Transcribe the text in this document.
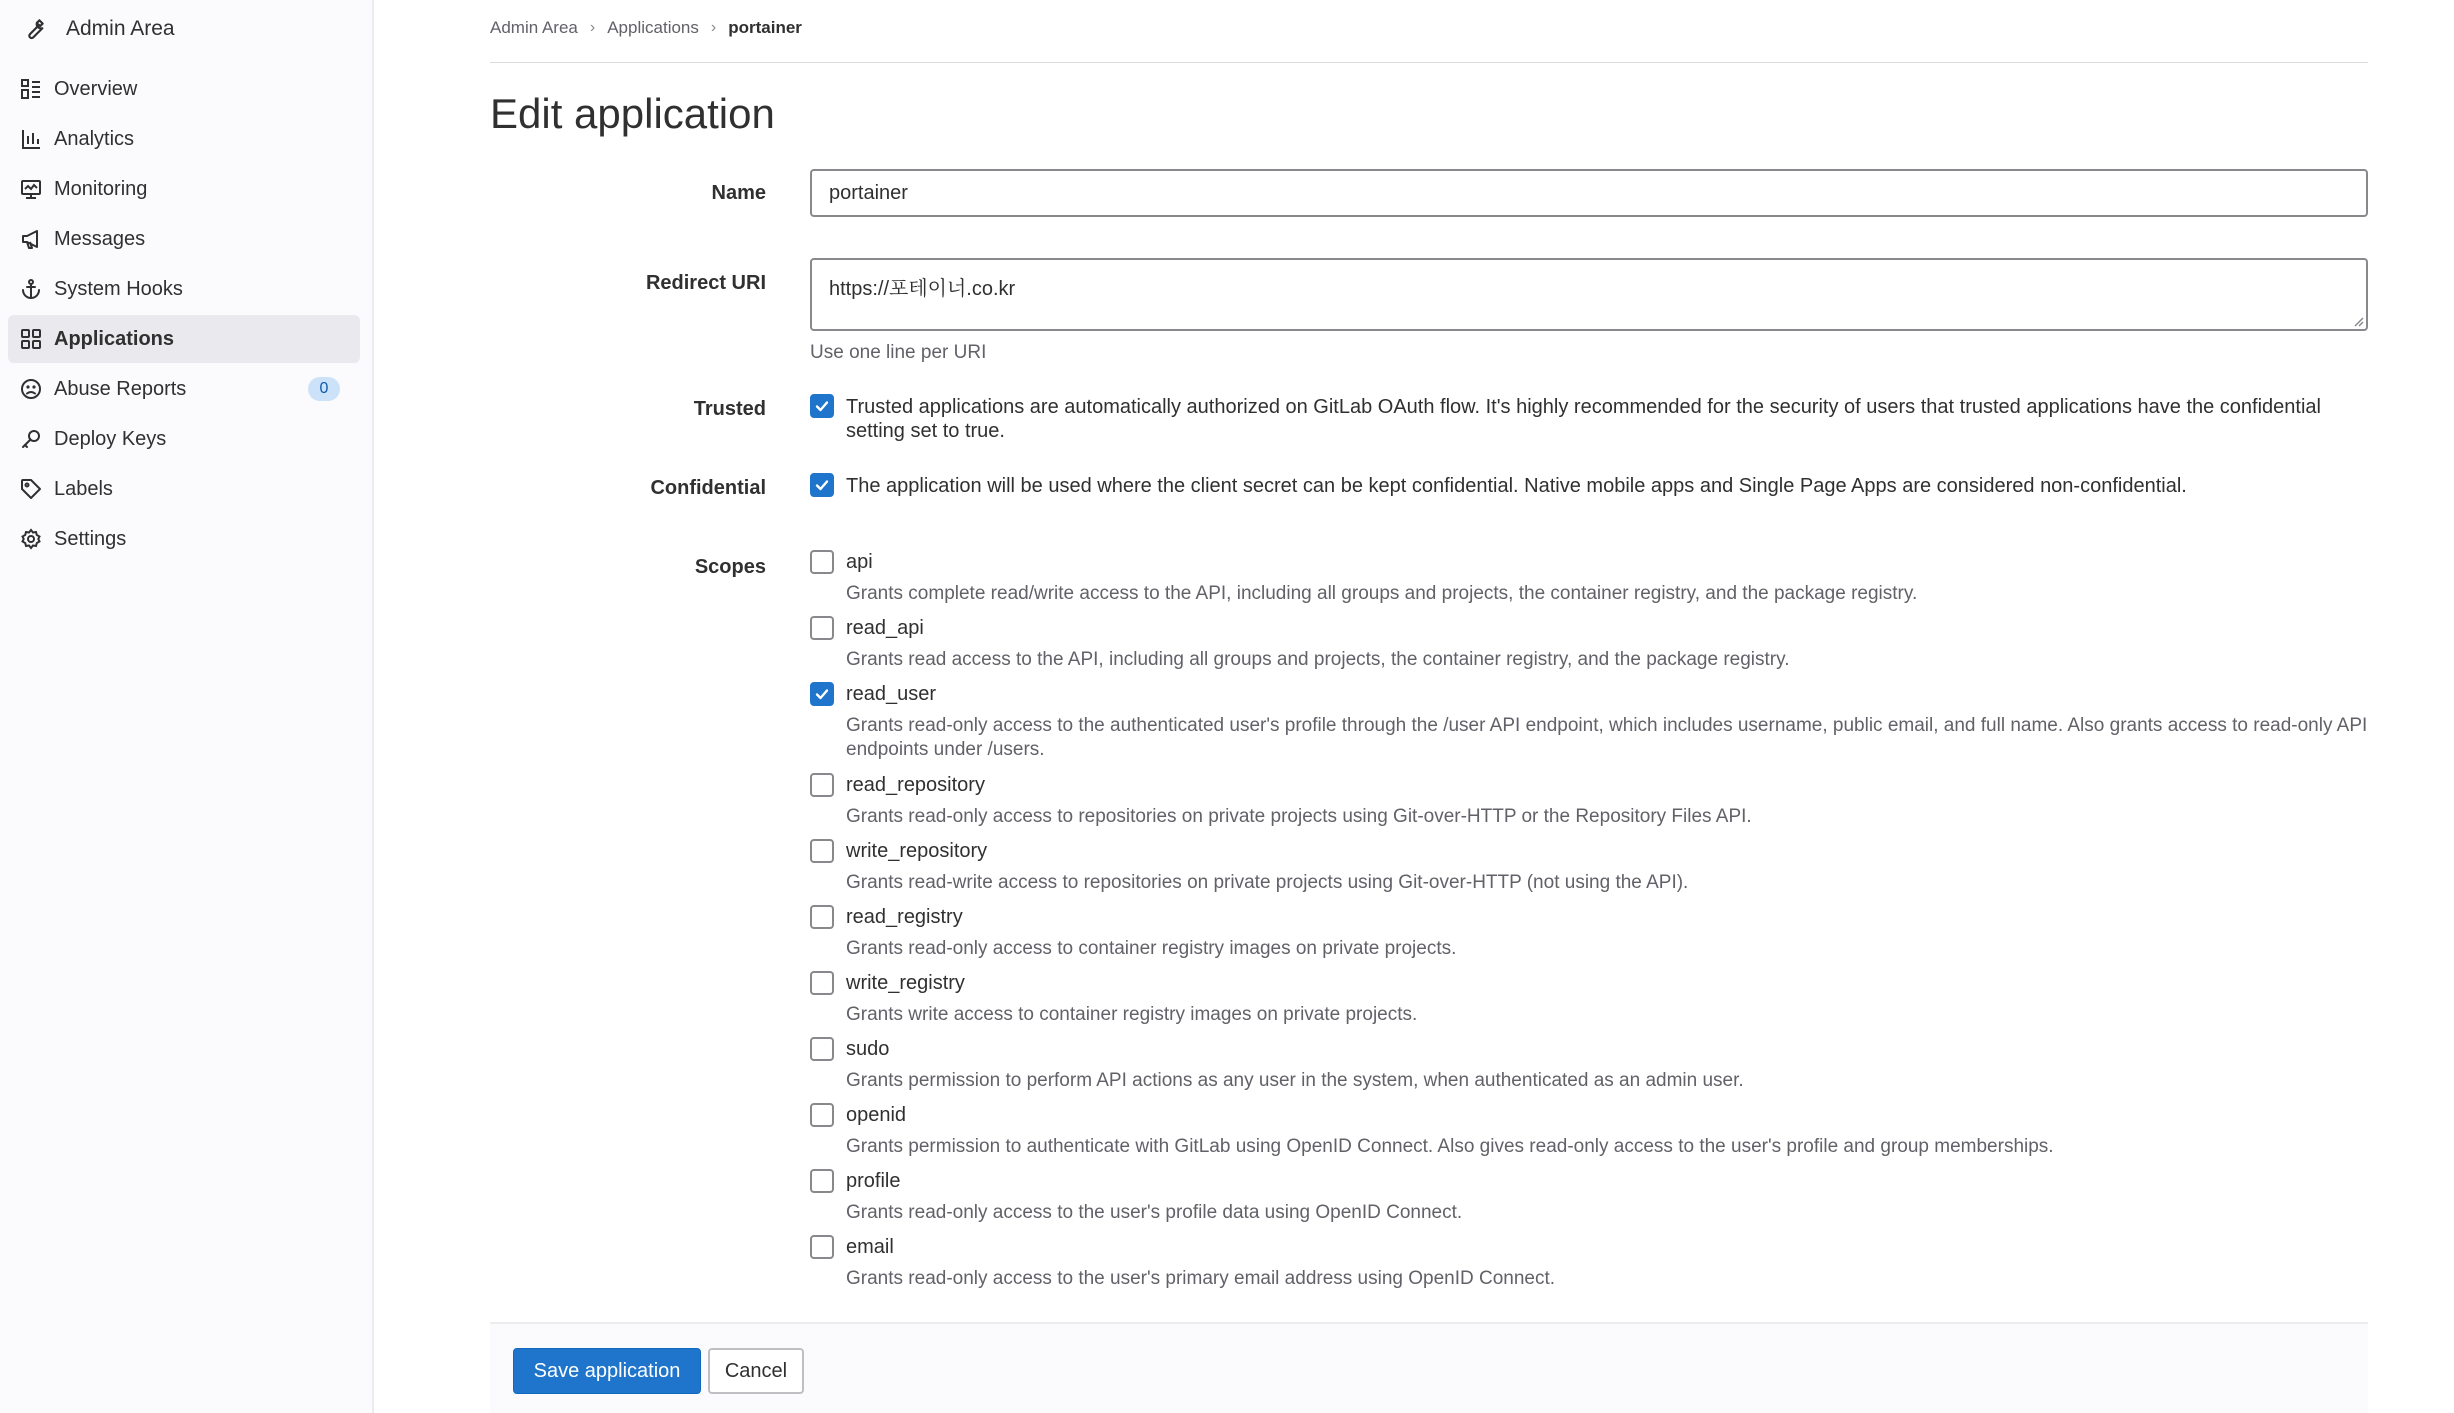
Admin Area
Overview
Analytics
Monitoring
Messages
System Hooks
Applications
Abuse Reports	0
Deploy Keys
Labels
Settings
Admin Area › Applications › portainer
Edit application
Name	portainer
Redirect URI	https://포테이너.co.kr
Use one line per URI
Trusted	Trusted applications are automatically authorized on GitLab OAuth flow. It's highly recommended for the security of users that trusted applications have the confidential setting set to true.
Confidential	The application will be used where the client secret can be kept confidential. Native mobile apps and Single Page Apps are considered non-confidential.
Scopes	api
Grants complete read/write access to the API, including all groups and projects, the container registry, and the package registry.
read_api
Grants read access to the API, including all groups and projects, the container registry, and the package registry.
read_user
Grants read-only access to the authenticated user's profile through the /user API endpoint, which includes username, public email, and full name. Also grants access to read-only API endpoints under /users.
read_repository
Grants read-only access to repositories on private projects using Git-over-HTTP or the Repository Files API.
write_repository
Grants read-write access to repositories on private projects using Git-over-HTTP (not using the API).
read_registry
Grants read-only access to container registry images on private projects.
write_registry
Grants write access to container registry images on private projects.
sudo
Grants permission to perform API actions as any user in the system, when authenticated as an admin user.
openid
Grants permission to authenticate with GitLab using OpenID Connect. Also gives read-only access to the user's profile and group memberships.
profile
Grants read-only access to the user's profile data using OpenID Connect.
email
Grants read-only access to the user's primary email address using OpenID Connect.
Save application	Cancel
